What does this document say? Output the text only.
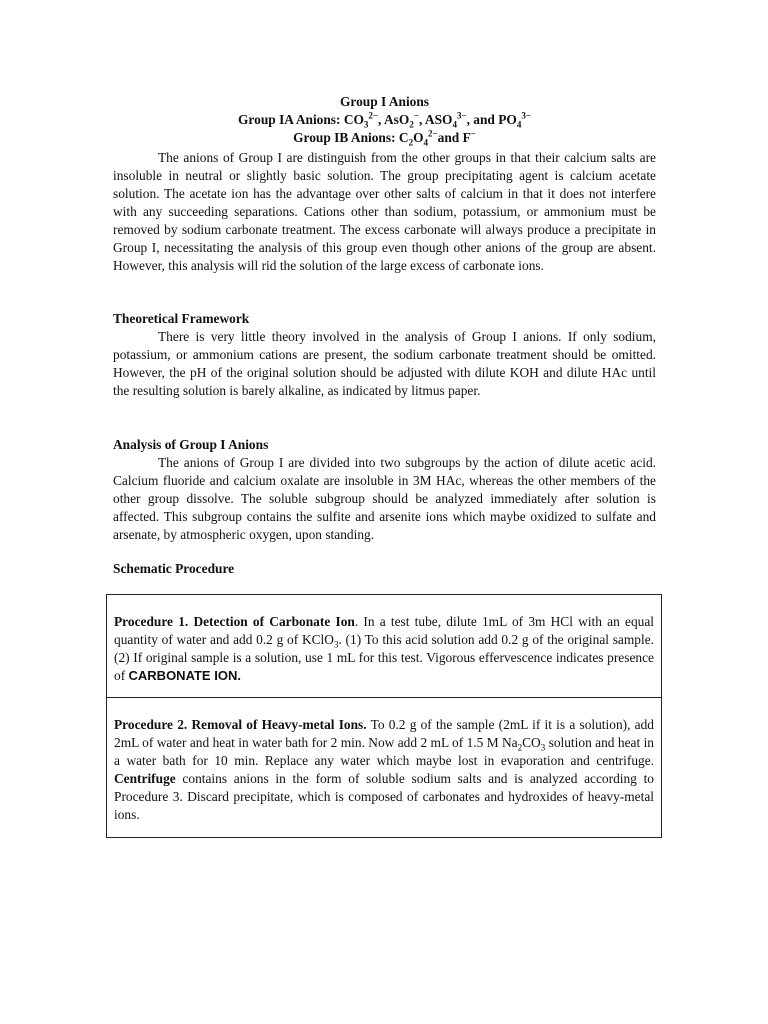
Group I Anions
Group IA Anions: $CO_3^{2-}$, AsO$_2$−, $ASO_4^{3-}$, and $PO_4^{3-}$
Group IB Anions: $C_2O_4^{2-}and$ F−

The anions of Group I are distinguish from the other groups in that their calcium salts are insoluble in neutral or slightly basic solution. The group precipitating agent is calcium acetate solution. The acetate ion has the advantage over other salts of calcium in that it does not interfere with any succeeding separations. Cations other than sodium, potassium, or ammonium must be removed by sodium carbonate treatment. The excess carbonate will always produce a precipitate in Group I, necessitating the analysis of this group even though other anions of the group are absent. However, this analysis will rid the solution of the large excess of carbonate ions.

Theoretical Framework

There is very little theory involved in the analysis of Group I anions. If only sodium, potassium, or ammonium cations are present, the sodium carbonate treatment should be omitted. However, the pH of the original solution should be adjusted with dilute KOH and dilute HAc until the resulting solution is barely alkaline, as indicated by litmus paper.

Analysis of Group I Anions

The anions of Group I are divided into two subgroups by the action of dilute acetic acid. Calcium fluoride and calcium oxalate are insoluble in 3M HAc, whereas the other members of the other group dissolve. The soluble subgroup should be analyzed immediately after solution is affected. This subgroup contains the sulfite and arsenite ions which maybe oxidized to sulfate and arsenate, by atmospheric oxygen, upon standing.

Schematic Procedure

Procedure 1. Detection of Carbonate Ion. In a test tube, dilute 1mL of 3m HCl with an equal quantity of water and add 0.2 g of KClO$_3$. (1) To this acid solution add 0.2 g of the original sample. (2) If original sample is a solution, use 1 mL for this test. Vigorous effervescence indicates presence of CARBONATE ION.

Procedure 2. Removal of Heavy-metal Ions. To 0.2 g of the sample (2mL if it is a solution), add 2mL of water and heat in water bath for 2 min. Now add 2 mL of 1.5 M $Na_2CO_3$ solution and heat in a water bath for 10 min. Replace any water which maybe lost in evaporation and centrifuge. Centrifuge contains anions in the form of soluble sodium salts and is analyzed according to Procedure 3. Discard precipitate, which is composed of carbonates and hydroxides of heavy-metal ions.
